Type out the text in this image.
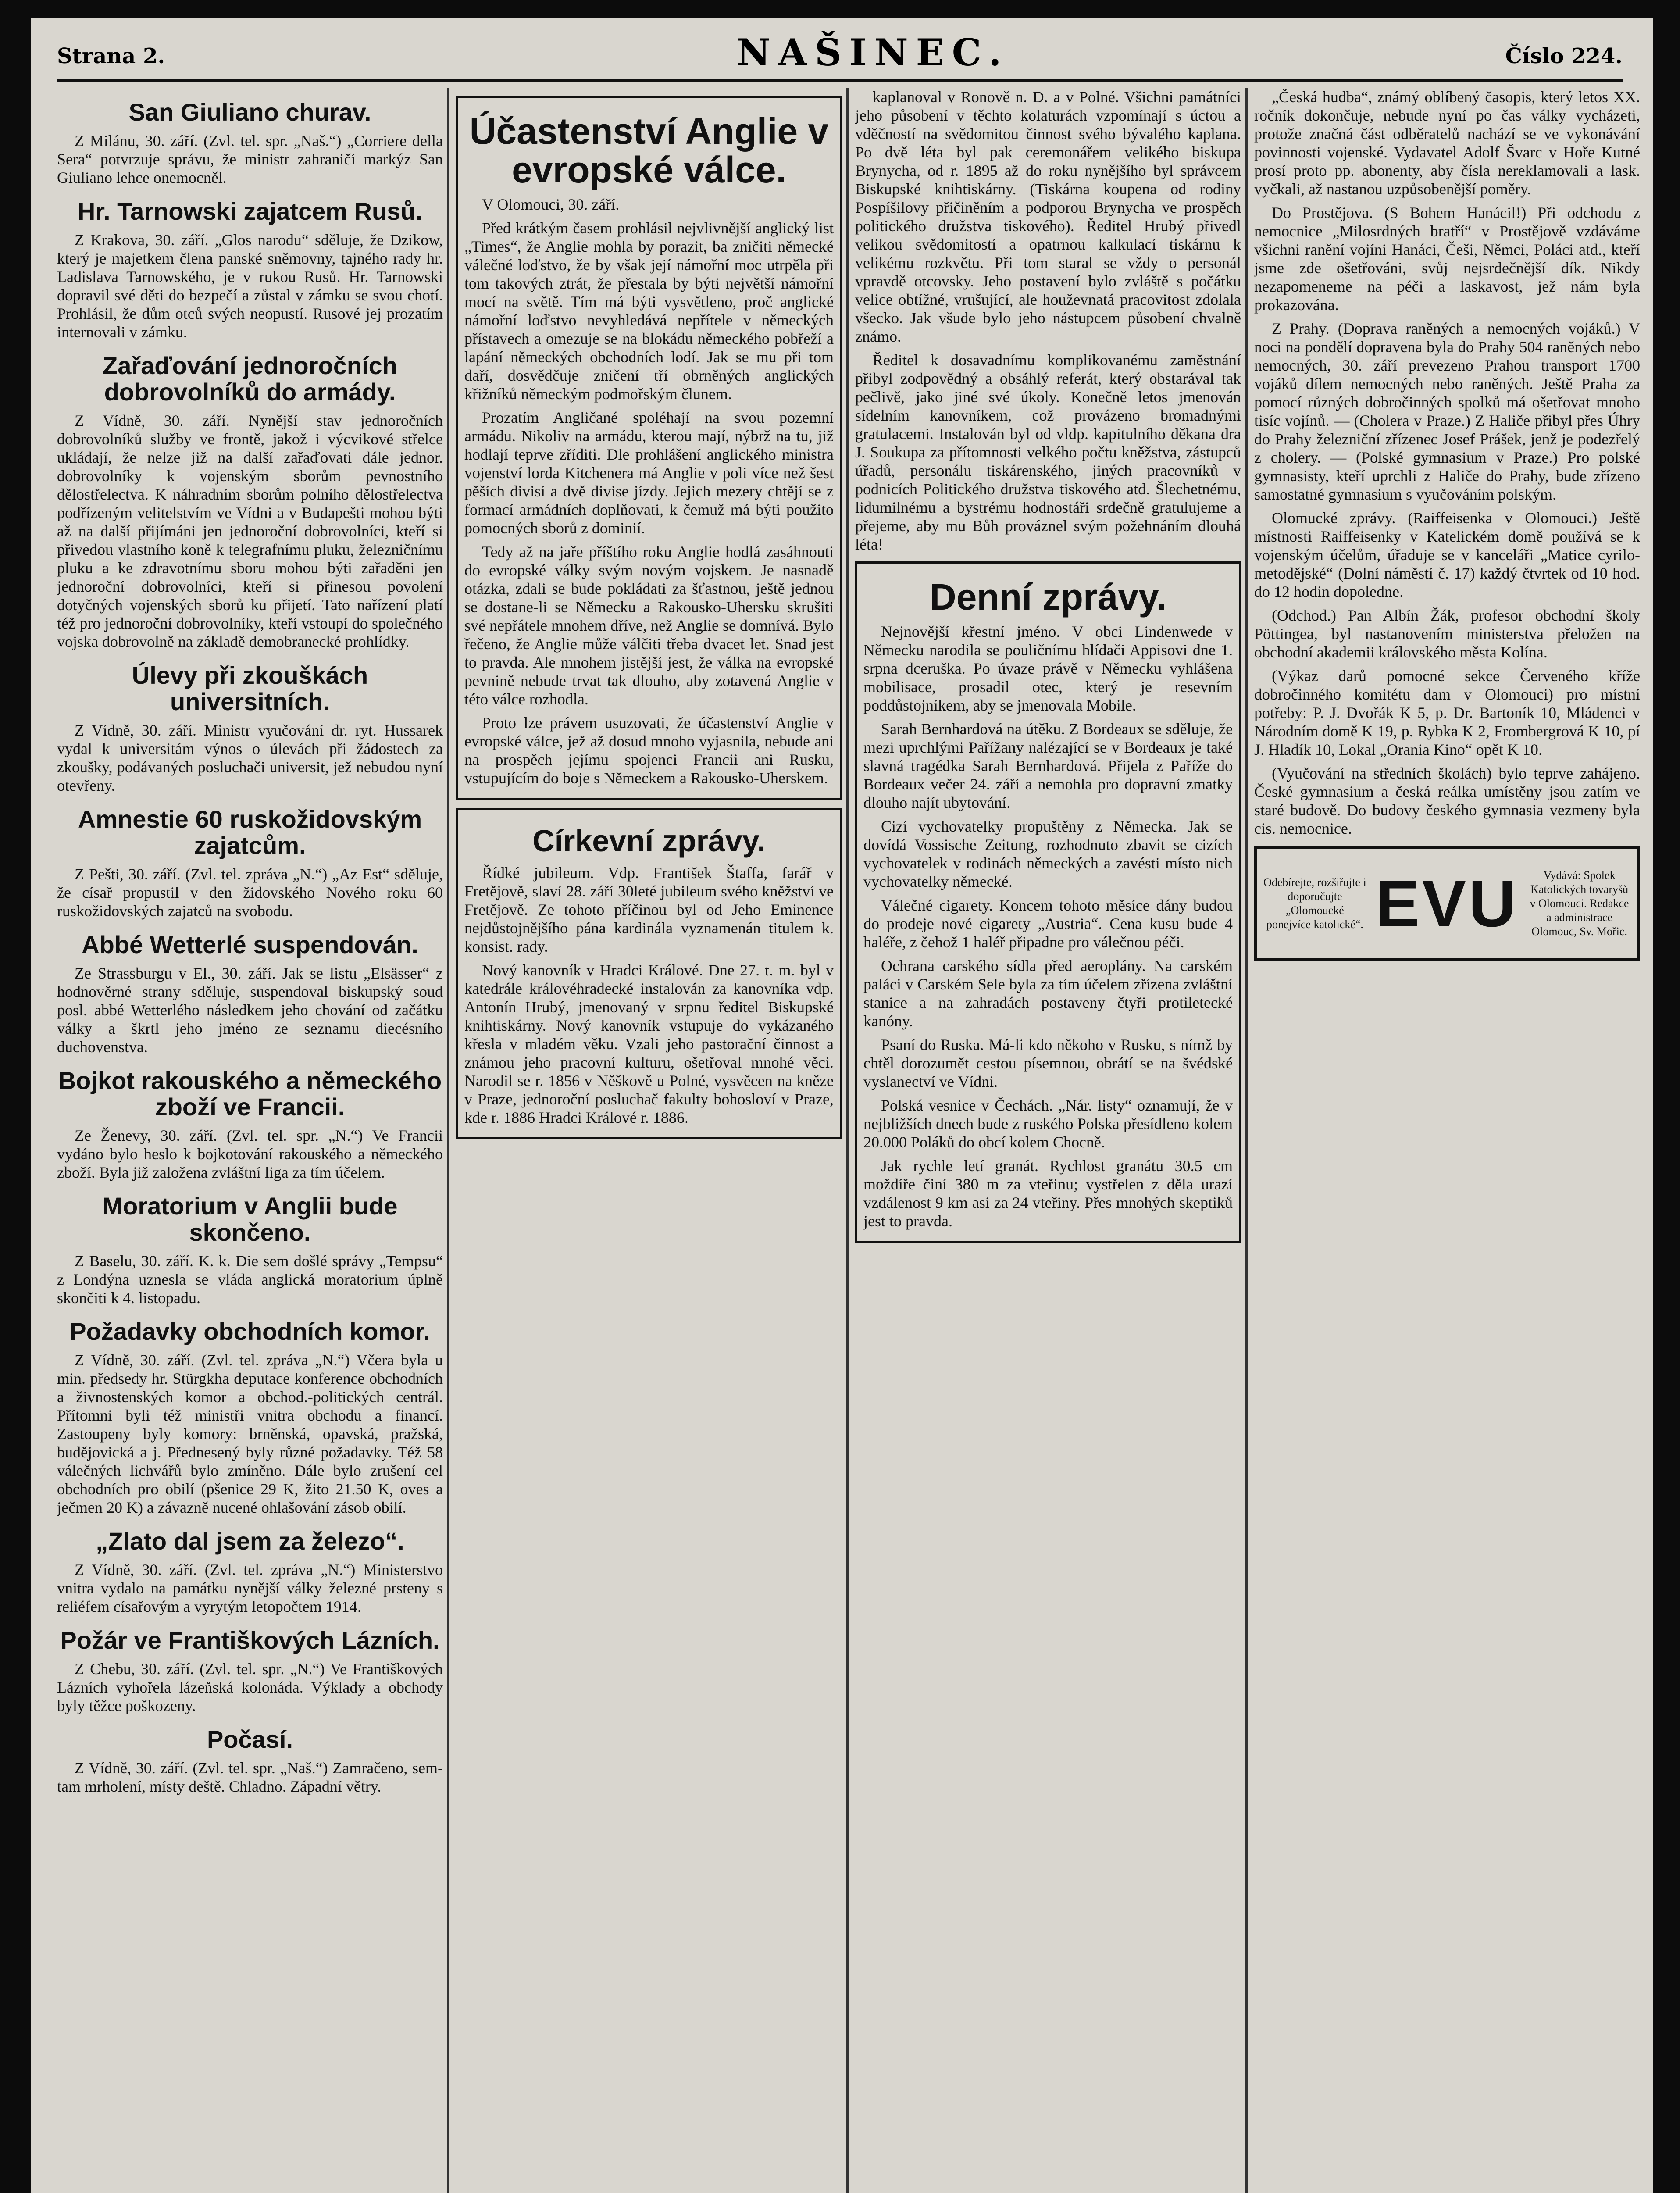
Strana 2.	NAŠINEC.	Číslo 224.
San Giuliano churav.

Z Milánu, 30. září. (Zvl. tel. spr. „Naš.“) „Corriere della Sera“ potvrzuje správu, že ministr zahraničí markýz San Giuliano lehce onemocněl.

Hr. Tarnowski zajatcem Rusů.

Z Krakova, 30. září. „Glos narodu“ sděluje, že Dzikow, který je majetkem člena panské sněmovny, tajného rady hr. Ladislava Tarnowského, je v rukou Rusů. Hr. Tarnowski dopravil své děti do bezpečí a zůstal v zámku se svou chotí. Prohlásil, že dům otců svých neopustí. Rusové jej prozatím internovali v zámku.

Zařaďování jednoročních dobrovolníků do armády.

Z Vídně, 30. září. Nynější stav jednoročních dobrovolníků služby ve frontě, jakož i výcvikové střelce ukládají, že nelze již na další zařaďovati dále jednor. dobrovolníky k vojenským sborům pevnostního dělostřelectva. K náhradním sborům polního dělostřelectva podřízeným velitelstvím ve Vídni a v Budapešti mohou býti až na další přijímáni jen jednoroční dobrovolníci, kteří si přivedou vlastního koně k telegrafnímu pluku, železničnímu pluku a ke zdravotnímu sboru mohou býti zařaděni jen jednoroční dobrovolníci, kteří si přinesou povolení dotyčných vojenských sborů ku přijetí. Tato nařízení platí též pro jednoroční dobrovolníky, kteří vstoupí do společného vojska dobrovolně na základě demobranecké prohlídky.

Úlevy při zkouškách universitních.

Z Vídně, 30. září. Ministr vyučování dr. ryt. Hussarek vydal k universitám výnos o úlevách při žádostech za zkoušky, podávaných posluchači universit, jež nebudou nyní otevřeny.

Amnestie 60 ruskožidovským zajatcům.

Z Pešti, 30. září. (Zvl. tel. zpráva „N.“) „Az Est“ sděluje, že císař propustil v den židovského Nového roku 60 ruskožidovských zajatců na svobodu.

Abbé Wetterlé suspendován.

Ze Strassburgu v El., 30. září. Jak se listu „Elsässer“ z hodnověrné strany sděluje, suspendoval biskupský soud posl. abbé Wetterlého následkem jeho chování od začátku války a škrtl jeho jméno ze seznamu diecésního duchovenstva.

Bojkot rakouského a německého zboží ve Francii.

Ze Ženevy, 30. září. (Zvl. tel. spr. „N.“) Ve Francii vydáno bylo heslo k bojkotování rakouského a německého zboží. Byla již založena zvláštní liga za tím účelem.

Moratorium v Anglii bude skončeno.

Z Baselu, 30. září. K. k. Die sem došlé správy „Tempsu“ z Londýna uznesla se vláda anglická moratorium úplně skončiti k 4. listopadu.

Požadavky obchodních komor.

Z Vídně, 30. září. (Zvl. tel. zpráva „N.“) Včera byla u min. předsedy hr. Stürgkha deputace konference obchodních a živnostenských komor a obchod.-politických centrál. Přítomni byli též ministři vnitra obchodu a financí. Zastoupeny byly komory: brněnská, opavská, pražská, budějovická a j. Přednesený byly různé požadavky. Též 58 válečných lichvářů bylo zmíněno. Dále bylo zrušení cel obchodních pro obilí (pšenice 29 K, žito 21.50 K, oves a ječmen 20 K) a závazně nucené ohlašování zásob obilí.

„Zlato dal jsem za železo“.

Z Vídně, 30. září. (Zvl. tel. zpráva „N.“) Ministerstvo vnitra vydalo na památku nynější války železné prsteny s reliéfem císařovým a vyrytým letopočtem 1914.

Požár ve Františkových Lázních.

Z Chebu, 30. září. (Zvl. tel. spr. „N.“) Ve Františkových Lázních vyhořela lázeňská kolonáda. Výklady a obchody byly těžce poškozeny.

Počasí.

Z Vídně, 30. září. (Zvl. tel. spr. „Naš.“) Zamračeno, sem-tam mrholení, místy deště. Chladno. Západní větry.

Účastenství Anglie v evropské válce.

V Olomouci, 30. září.

Před krátkým časem prohlásil nejvlivnější anglický list „Times“, že Anglie mohla by porazit, ba zničiti německé válečné loďstvo, že by však její námořní moc utrpěla při tom takových ztrát, že přestala by býti největší námořní mocí na světě. Tím má býti vysvětleno, proč anglické námořní loďstvo nevyhledává nepřítele v německých přístavech a omezuje se na blokádu německého pobřeží a lapání německých obchodních lodí. Jak se mu při tom daří, dosvědčuje zničení tří obrněných anglických křižníků německým podmořským člunem.

Prozatím Angličané spoléhají na svou pozemní armádu. Nikoliv na armádu, kterou mají, nýbrž na tu, již hodlají teprve zříditi. Dle prohlášení anglického ministra vojenství lorda Kitchenera má Anglie v poli více než šest pěších divisí a dvě divise jízdy. Jejich mezery chtějí se z formací armádních doplňovati, k čemuž má býti použito pomocných sborů z dominií.

Tedy až na jaře příštího roku Anglie hodlá zasáhnouti do evropské války svým novým vojskem. Je nasnadě otázka, zdali se bude pokládati za šťastnou, ještě jednou se dostane-li se Německu a Rakousko-Uhersku skrušiti své nepřátele mnohem dříve, než Anglie se domnívá. Bylo řečeno, že Anglie může válčiti třeba dvacet let. Snad jest to pravda. Ale mnohem jistější jest, že válka na evropské pevnině nebude trvat tak dlouho, aby zotavená Anglie v této válce rozhodla.

Proto lze právem usuzovati, že účastenství Anglie v evropské válce, jež až dosud mnoho vyjasnila, nebude ani na prospěch jejímu spojenci Francii ani Rusku, vstupujícím do boje s Německem a Rakousko-Uherskem.

Církevní zprávy.

Řídké jubileum. Vdp. František Štaffa, farář v Fretějově, slaví 28. září 30leté jubileum svého kněžství ve Fretějově. Ze tohoto příčinou byl od Jeho Eminence nejdůstojnějšího pána kardinála vyznamenán titulem k. konsist. rady.

Nový kanovník v Hradci Králové. Dne 27. t. m. byl v katedrále královéhradecké instalován za kanovníka vdp. Antonín Hrubý, jmenovaný v srpnu ředitel Biskupské knihtiskárny. Nový kanovník vstupuje do vykázaného křesla v mladém věku. Vzali jeho pastorační činnost a známou jeho pracovní kulturu, ošetřoval mnohé věci. Narodil se r. 1856 v Něškově u Polné, vysvěcen na kněze v Praze, jednoroční posluchač fakulty bohosloví v Praze, kde r. 1886 Hradci Králové r. 1886.

kaplanoval v Ronově n. D. a v Polné. Všichni památníci jeho působení v těchto kolaturách vzpomínají s úctou a vděčností na svědomitou činnost svého bývalého kaplana. Po dvě léta byl pak ceremonářem velikého biskupa Brynycha, od r. 1895 až do roku nynějšího byl správcem Biskupské knihtiskárny. (Tiskárna koupena od rodiny Pospíšilovy přičiněním a podporou Brynycha ve prospěch politického družstva tiskového). Ředitel Hrubý přivedl velikou svědomitostí a opatrnou kalkulací tiskárnu k velikému rozkvětu. Při tom staral se vždy o personál vpravdě otcovsky. Jeho postavení bylo zvláště s počátku velice obtížné, vrušující, ale houževnatá pracovitost zdolala všecko. Jak všude bylo jeho nástupcem působení chvalně známo.

Ředitel k dosavadnímu komplikovanému zaměstnání přibyl zodpovědný a obsáhlý referát, který obstarával tak pečlivě, jako jiné své úkoly. Konečně letos jmenován sídelním kanovníkem, což provázeno bromadnými gratulacemi. Instalován byl od vldp. kapitulního děkana dra J. Soukupa za přítomnosti velkého počtu kněžstva, zástupců úřadů, personálu tiskárenského, jiných pracovníků v podnicích Politického družstva tiskového atd. Šlechetnému, lidumilnému a bystrému hodnostáři srdečně gratulujeme a přejeme, aby mu Bůh prováznel svým požehnáním dlouhá léta!

Denní zprávy.

Nejnovější křestní jméno. V obci Lindenwede v Německu narodila se pouličnímu hlídači Appisovi dne 1. srpna dceruška. Po úvaze právě v Německu vyhlášena mobilisace, prosadil otec, který je resevním poddůstojníkem, aby se jmenovala Mobile.

Sarah Bernhardová na útěku. Z Bordeaux se sděluje, že mezi uprchlými Pařížany nalézající se v Bordeaux je také slavná tragédka Sarah Bernhardová. Přijela z Paříže do Bordeaux večer 24. září a nemohla pro dopravní zmatky dlouho najít ubytování.

Cizí vychovatelky propuštěny z Německa. Jak se dovídá Vossische Zeitung, rozhodnuto zbavit se cizích vychovatelek v rodinách německých a zavésti místo nich vychovatelky německé.

Válečné cigarety. Koncem tohoto měsíce dány budou do prodeje nové cigarety „Austria“. Cena kusu bude 4 haléře, z čehož 1 haléř připadne pro válečnou péči.

Ochrana carského sídla před aeroplány. Na carském paláci v Carském Sele byla za tím účelem zřízena zvláštní stanice a na zahradách postaveny čtyři protiletecké kanóny.

Psaní do Ruska. Má-li kdo někoho v Rusku, s nímž by chtěl dorozumět cestou písemnou, obrátí se na švédské vyslanectví ve Vídni.

Polská vesnice v Čechách. „Nár. listy“ oznamují, že v nejbližších dnech bude z ruského Polska přesídleno kolem 20.000 Poláků do obcí kolem Chocně.

Jak rychle letí granát. Rychlost granátu 30.5 cm moždíře činí 380 m za vteřinu; vystřelen z děla urazí vzdálenost 9 km asi za 24 vteřiny. Přes mnohých skeptiků jest to pravda.

„Česká hudba“, známý oblíbený časopis, který letos XX. ročník dokončuje, nebude nyní po čas války vycházeti, protože značná část odběratelů nachází se ve vykonávání povinnosti vojenské. Vydavatel Adolf Švarc v Hoře Kutné prosí proto pp. abonenty, aby čísla nereklamovali a lask. vyčkali, až nastanou uzpůsobenější poměry.

Do Prostějova. (S Bohem Hanácil!) Při odchodu z nemocnice „Milosrdných bratří“ v Prostějově vzdáváme všichni ranění vojíni Hanáci, Češi, Němci, Poláci atd., kteří jsme zde ošetřováni, svůj nejsrdečnější dík. Nikdy nezapomeneme na péči a laskavost, jež nám byla prokazována.

Z Prahy. (Doprava raněných a nemocných vojáků.) V noci na pondělí dopravena byla do Prahy 504 raněných nebo nemocných, 30. září prevezeno Prahou transport 1700 vojáků dílem nemocných nebo raněných. Ještě Praha za pomocí různých dobročinných spolků má ošetřovat mnoho tisíc vojínů. — (Cholera v Praze.) Z Haliče přibyl přes Úhry do Prahy železniční zřízenec Josef Prášek, jenž je podezřelý z cholery. — (Polské gymnasium v Praze.) Pro polské gymnasisty, kteří uprchli z Haliče do Prahy, bude zřízeno samostatné gymnasium s vyučováním polským.

Olomucké zprávy. (Raiffeisenka v Olomouci.) Ještě místnosti Raiffeisenky v Katelickém domě používá se k vojenským účelům, úřaduje se v kanceláři „Matice cyrilo-metodějské“ (Dolní náměstí č. 17) každý čtvrtek od 10 hod. do 12 hodin dopoledne.

(Odchod.) Pan Albín Žák, profesor obchodní školy Pöttingea, byl nastanovením ministerstva přeložen na obchodní akademii královského města Kolína.

(Výkaz darů pomocné sekce Červeného kříže dobročinného komitétu dam v Olomouci) pro místní potřeby: P. J. Dvořák K 5, p. Dr. Bartoník 10, Mládenci v Národním domě K 19, p. Rybka K 2, Frombergrová K 10, pí J. Hladík 10, Lokal „Orania Kino“ opět K 10.

(Vyučování na středních školách) bylo teprve zahájeno. České gymnasium a česká reálka umístěny jsou zatím ve staré budově. Do budovy českého gymnasia vezmeny byla cis. nemocnice.

Odebírejte, rozšiřujte i doporučujte „Olomoucké ponejvíce katolické“. EVU	Vydává: Spolek Katolických tovaryšů v Olomouci. Redakce a administrace Olomouc, Sv. Mořic.
